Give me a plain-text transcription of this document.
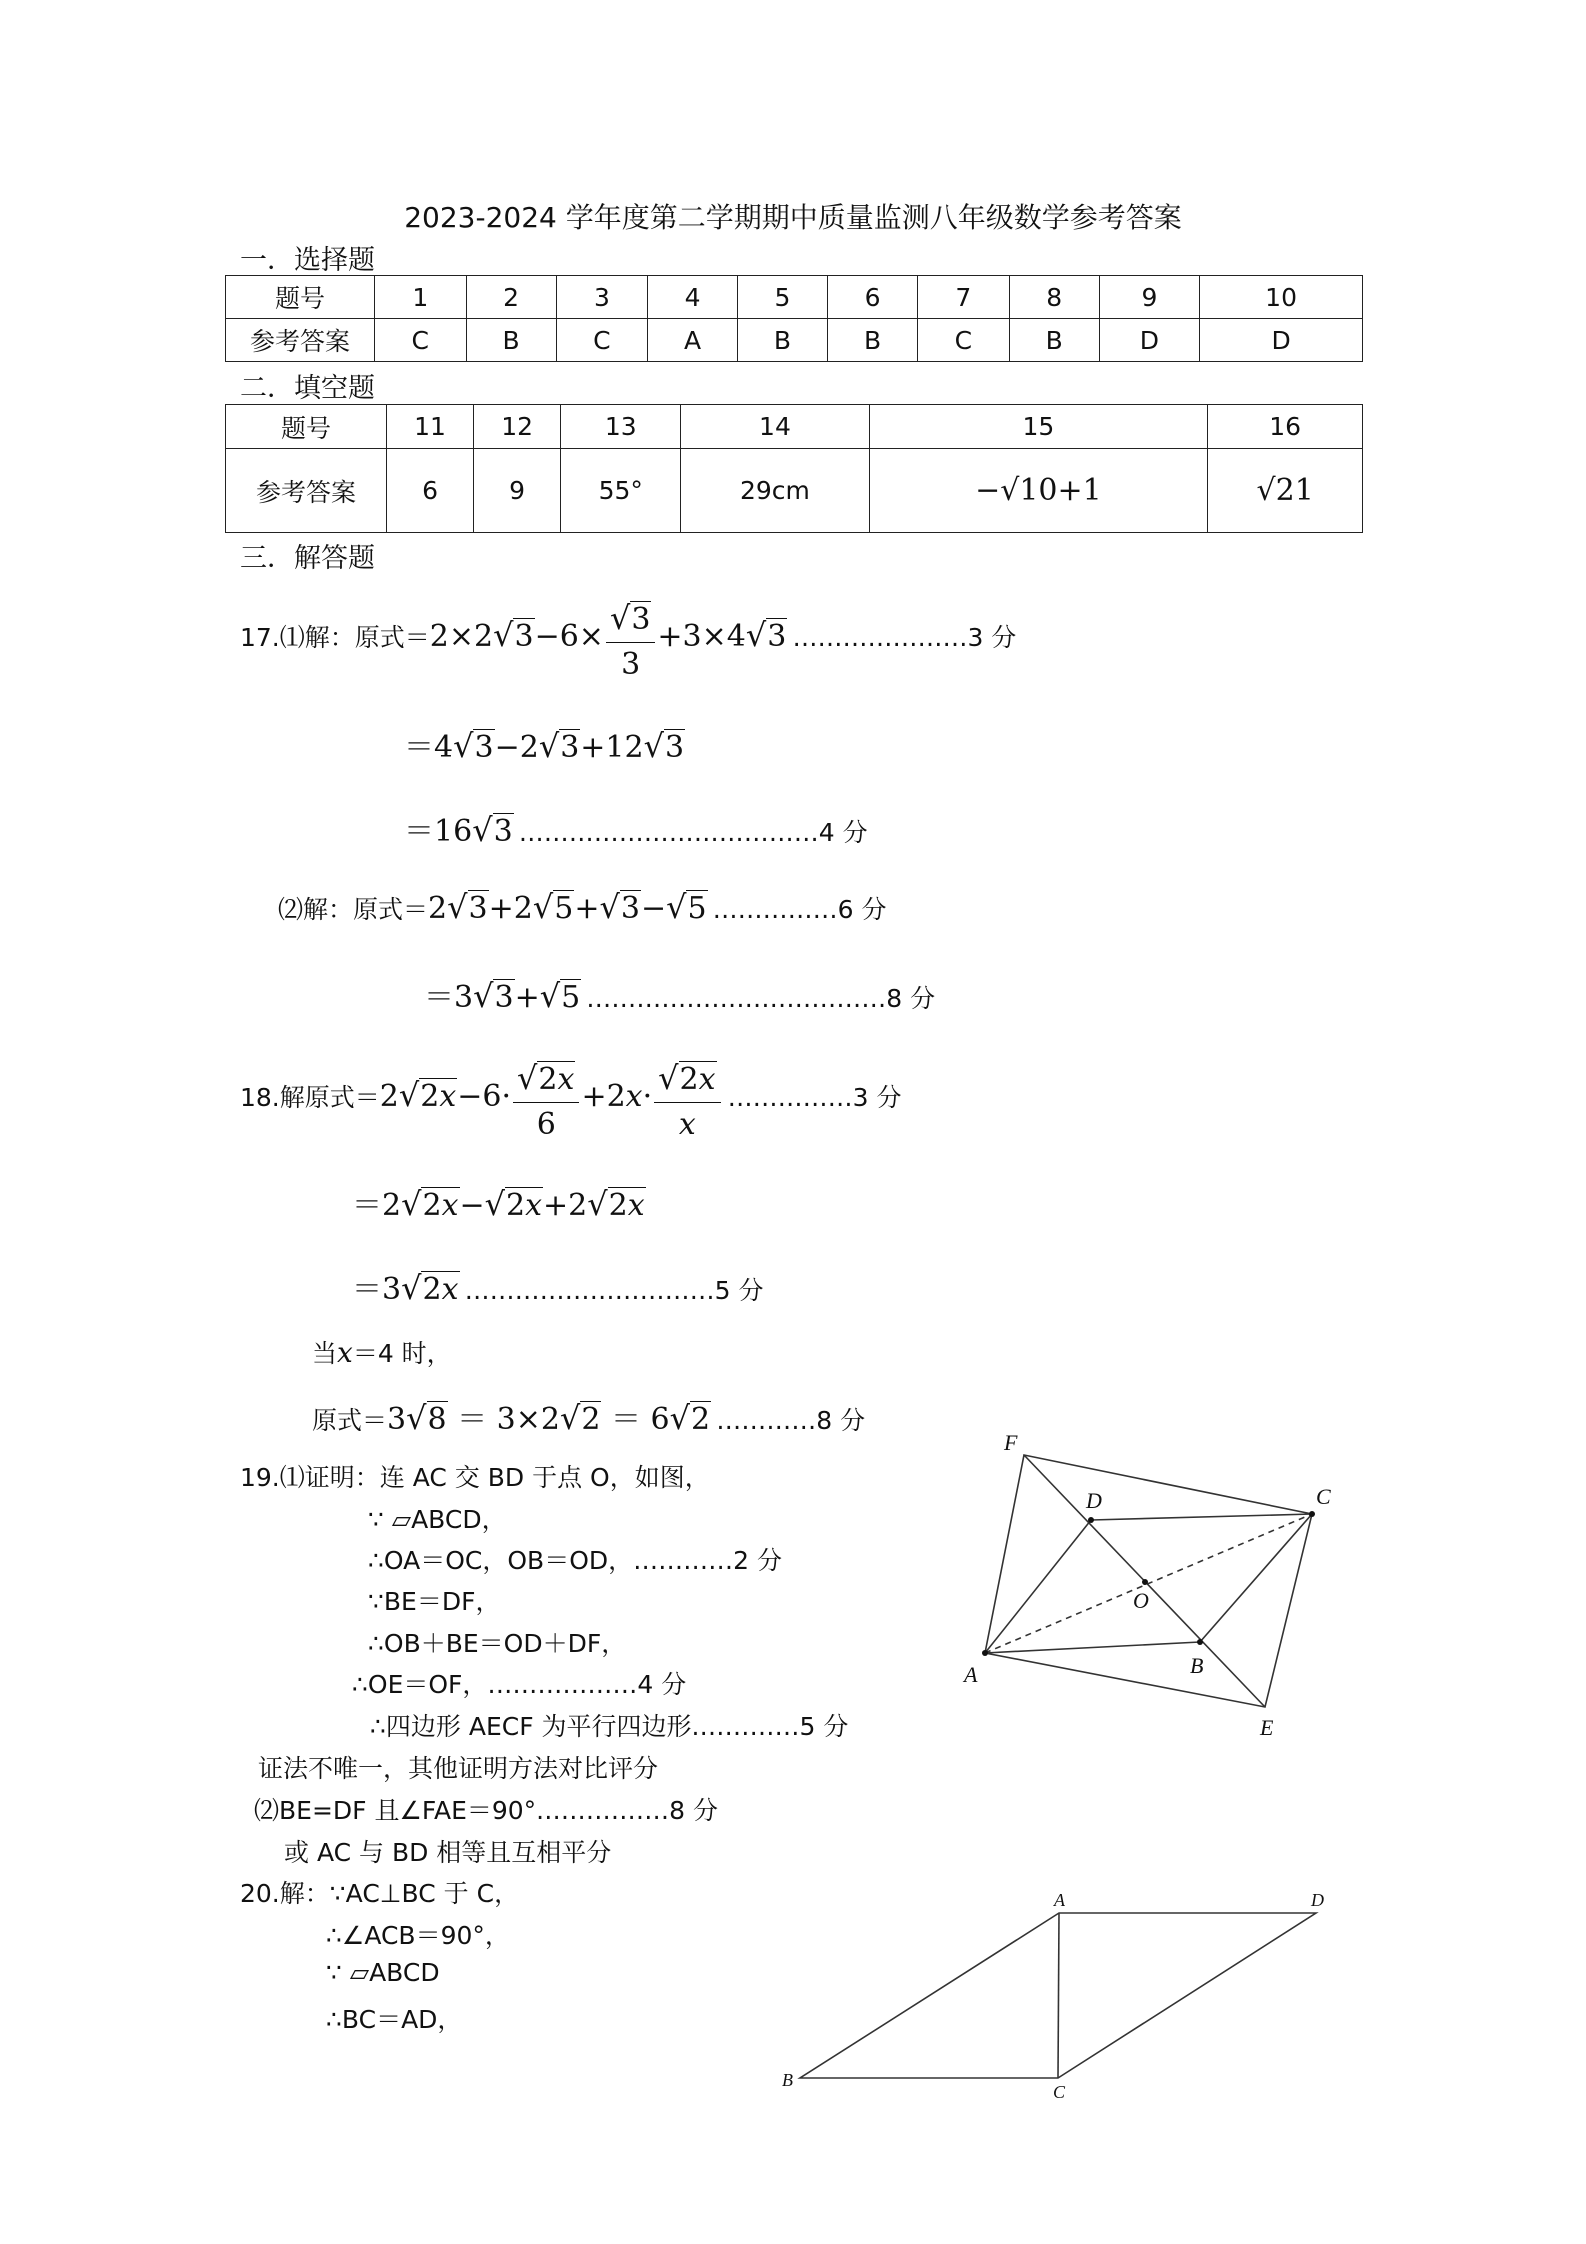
2023-2024 学年度第二学期期中质量监测八年级数学参考答案
一．选择题
题号	1	2	3	4	5	6	7	8	9	10
参考答案	C	B	C	A	B	B	C	B	D	D
二．填空题
题号	11	12	13	14	15	16
参考答案	6	9	55°	29cm	−√10+1	√21
三．解答题
17.⑴解：原式$=2\times 2√3-6\times \frac{√3}{3} +3\times 4√3$ …………………3 分
＝4√3−2√3+12√3
＝16√3 ………………………………4 分
⑵解：原式＝2√3+2√5+√3−√5 ……………6 分
＝3√3+√5 ………………………………8 分
18.解原式$=2√2x-6\cdot \frac{√2x}{6} +2x\cdot \frac{√2x}{x}$ ……………3 分
＝2√2x−√2x+2√2x
＝3√2x …………………………5 分
当x＝4 时，
原式＝3√8 ＝ 3×2√2 ＝ 6√2 …………8 分
19.⑴证明：连 AC 交 BD 于点 O，如图，
∵ ▱ABCD，
∴OA＝OC，OB＝OD，…………2 分
∵BE＝DF，
∴OB＋BE＝OD＋DF，
∴OE＝OF，………………4 分
∴四边形 AECF 为平行四边形.…………5 分
证法不唯一，其他证明方法对比评分
⑵BE=DF 且∠FAE＝90°.……………8 分
或 AC 与 BD 相等且互相平分
F
D	C
O
A	B
E
20.解：∵AC⊥BC 于 C，
∴∠ACB＝90°，
∵ ▱ABCD
∴BC＝AD，
A	D
B
C
